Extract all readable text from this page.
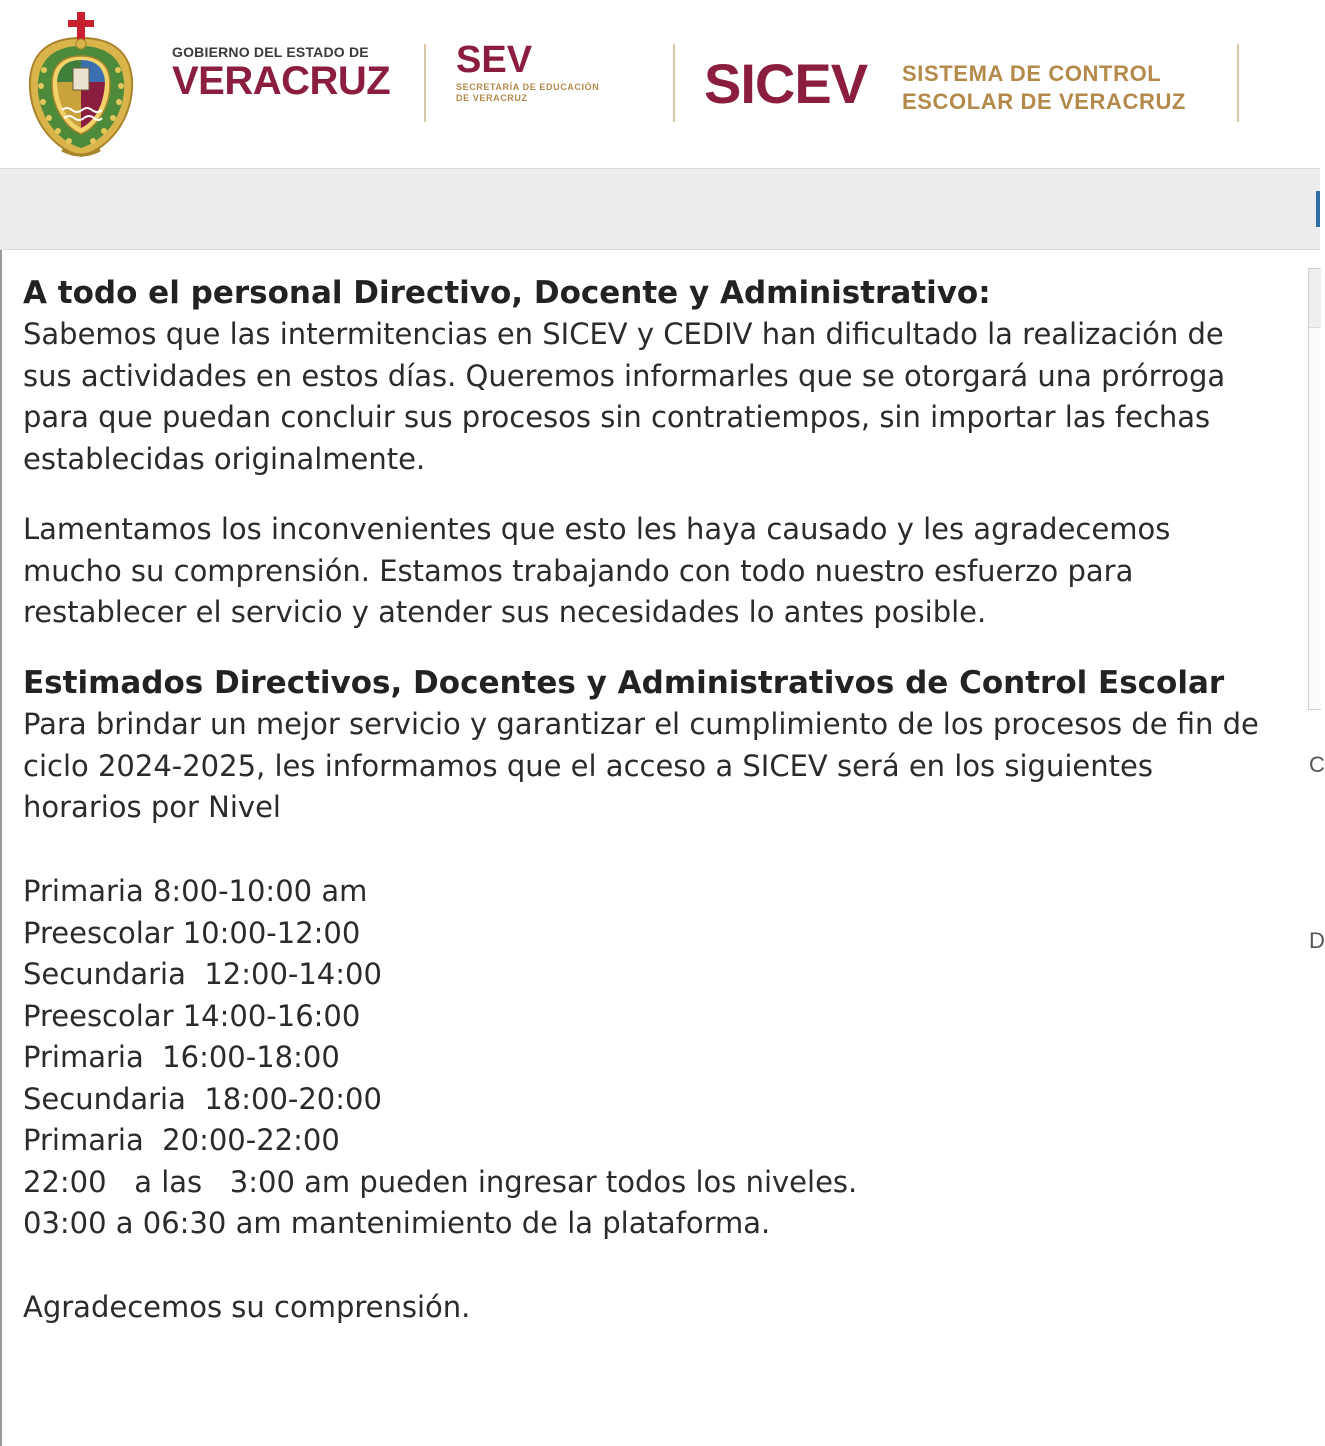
GOBIERNO DEL ESTADO DE
VERACRUZ	SEV
SECRETARÍA DE EDUCACIÓN
DE VERACRUZ	SICEV SISTEMA DE CONTROL
ESCOLAR DE VERACRUZ
C
D
A todo el personal Directivo, Docente y Administrativo:

Sabemos que las intermitencias en SICEV y CEDIV han dificultado la realización de sus actividades en estos días. Queremos informarles que se otorgará una prórroga para que puedan concluir sus procesos sin contratiempos, sin importar las fechas establecidas originalmente.

Lamentamos los inconvenientes que esto les haya causado y les agradecemos mucho su comprensión. Estamos trabajando con todo nuestro esfuerzo para restablecer el servicio y atender sus necesidades lo antes posible.

Estimados Directivos, Docentes y Administrativos de Control Escolar

Para brindar un mejor servicio y garantizar el cumplimiento de los procesos de fin de ciclo 2024-2025, les informamos que el acceso a SICEV será en los siguientes horarios por Nivel

Primaria 8:00-10:00 am
Preescolar 10:00-12:00
Secundaria  12:00-14:00
Preescolar 14:00-16:00
Primaria  16:00-18:00
Secundaria  18:00-20:00
Primaria  20:00-22:00
22:00   a las   3:00 am pueden ingresar todos los niveles.
03:00 a 06:30 am mantenimiento de la plataforma.

Agradecemos su comprensión.
